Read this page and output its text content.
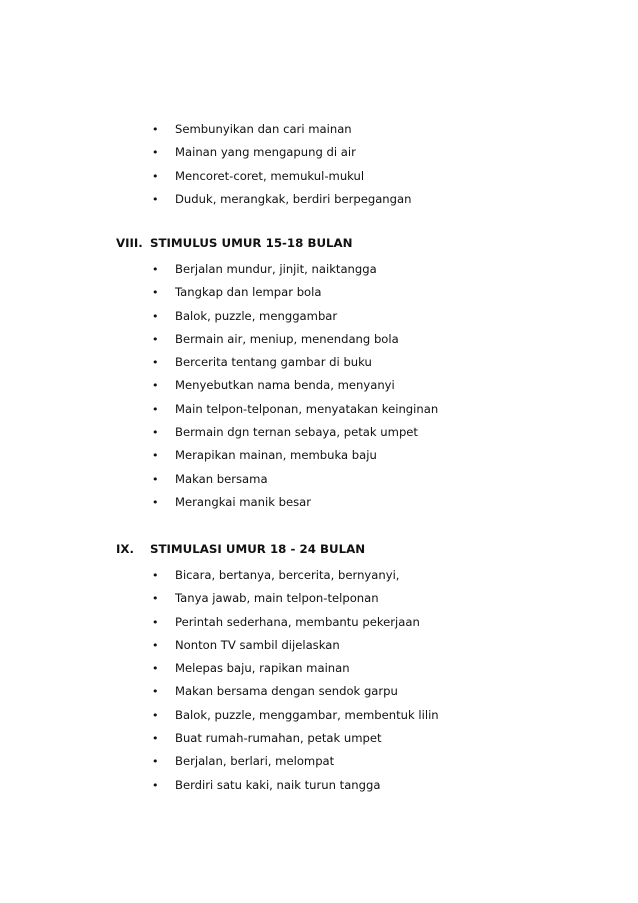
• Sembunyikan dan cari mainan
• Mainan yang mengapung di air
• Mencoret-coret, memukul-mukul
• Duduk, merangkak, berdiri berpegangan
VIII. STIMULUS UMUR 15-18 BULAN
• Berjalan mundur, jinjit, naiktangga
• Tangkap dan lempar bola
• Balok, puzzle, menggambar
• Bermain air, meniup, menendang bola
• Bercerita tentang gambar di buku
• Menyebutkan nama benda, menyanyi
• Main telpon-telponan, menyatakan keinginan
• Bermain dgn ternan sebaya, petak umpet
• Merapikan mainan, membuka baju
• Makan bersama
• Merangkai manik besar
IX. STIMULASI UMUR 18 - 24 BULAN
• Bicara, bertanya, bercerita, bernyanyi,
• Tanya jawab, main telpon-telponan
• Perintah sederhana, membantu pekerjaan
• Nonton TV sambil dijelaskan
• Melepas baju, rapikan mainan
• Makan bersama dengan sendok garpu
• Balok, puzzle, menggambar, membentuk lilin
• Buat rumah-rumahan, petak umpet
• Berjalan, berlari, melompat
• Berdiri satu kaki, naik turun tangga
